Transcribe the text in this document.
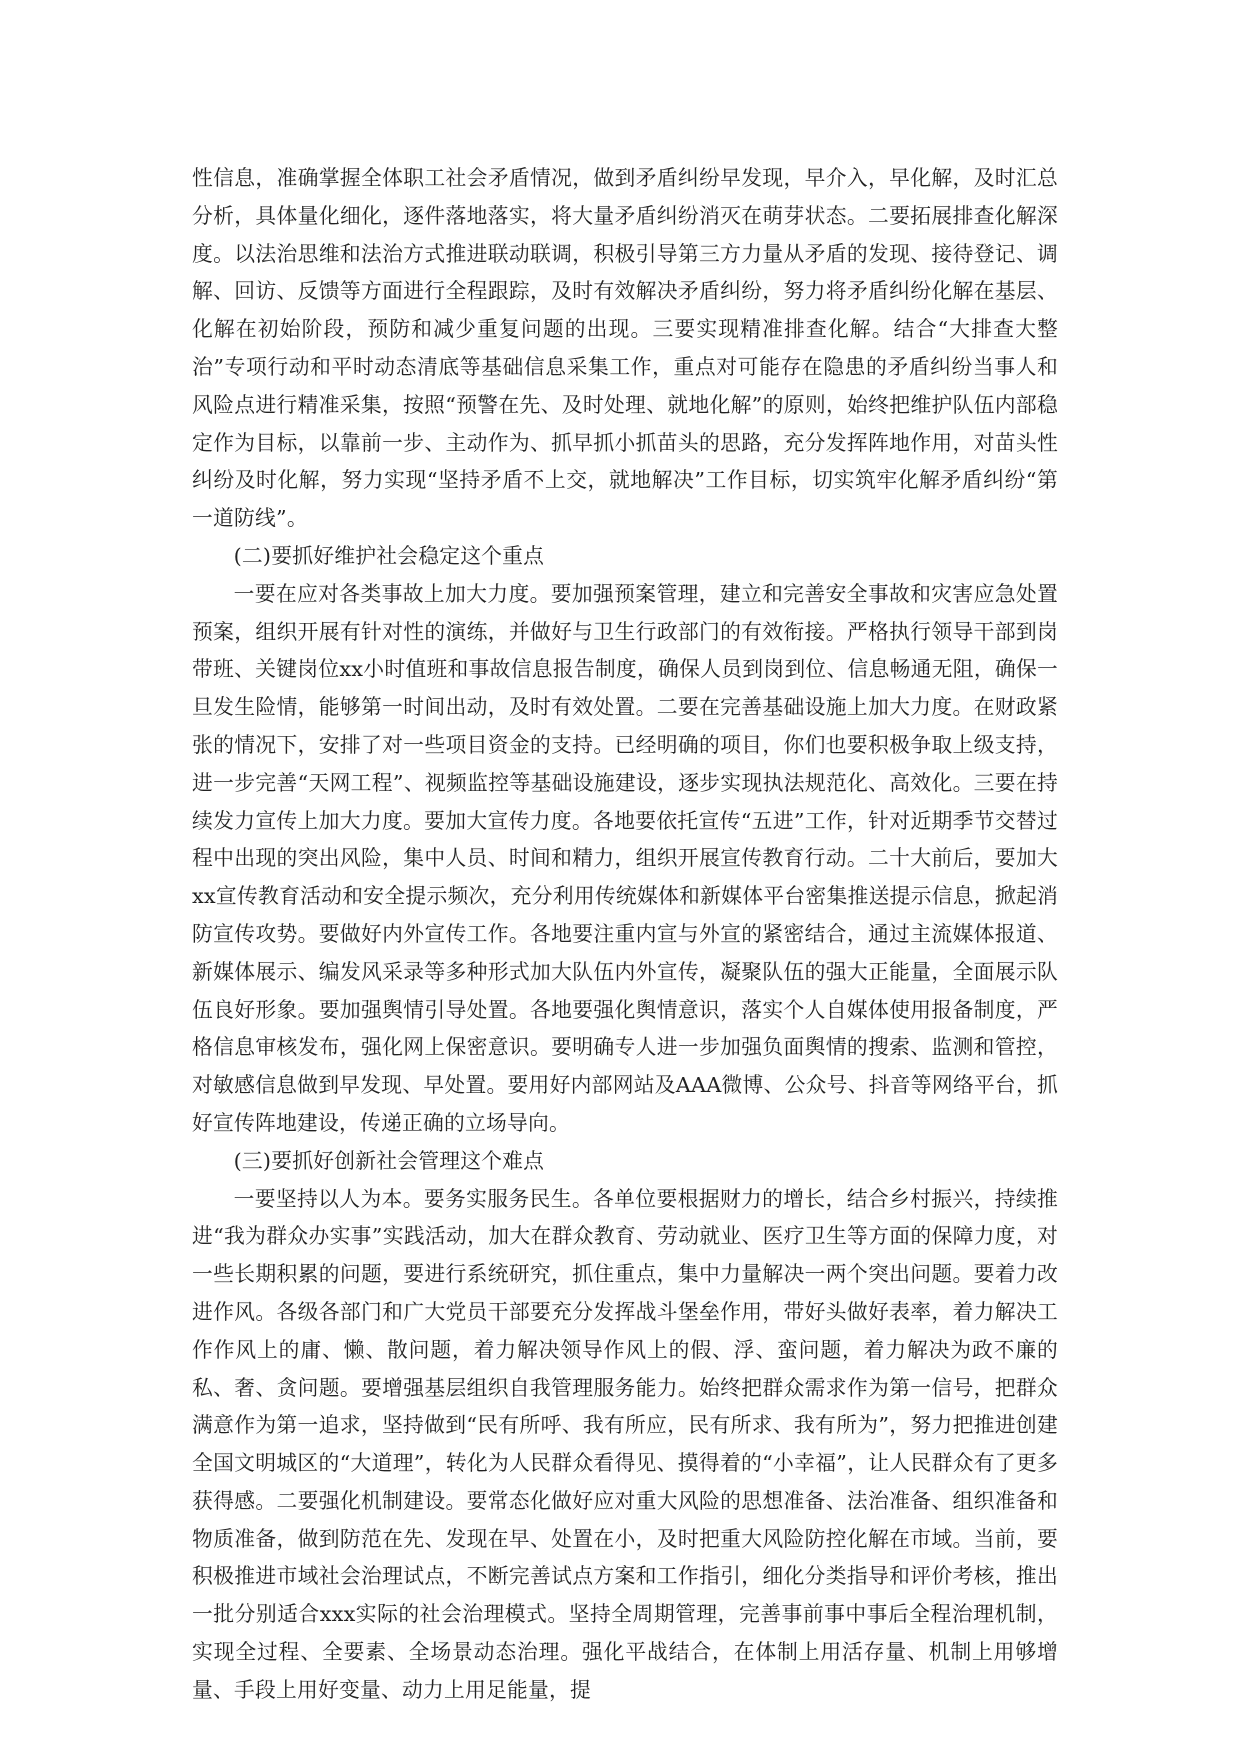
性信息，准确掌握全体职工社会矛盾情况，做到矛盾纠纷早发现，早介入，早化解，及时汇总分析，具体量化细化，逐件落地落实，将大量矛盾纠纷消灭在萌芽状态。二要拓展排查化解深度。以法治思维和法治方式推进联动联调，积极引导第三方力量从矛盾的发现、接待登记、调解、回访、反馈等方面进行全程跟踪，及时有效解决矛盾纠纷，努力将矛盾纠纷化解在基层、化解在初始阶段，预防和减少重复问题的出现。三要实现精准排查化解。结合“大排查大整治”专项行动和平时动态清底等基础信息采集工作，重点对可能存在隐患的矛盾纠纷当事人和风险点进行精准采集，按照“预警在先、及时处理、就地化解”的原则，始终把维护队伍内部稳定作为目标，以靠前一步、主动作为、抓早抓小抓苗头的思路，充分发挥阵地作用，对苗头性纠纷及时化解，努力实现“坚持矛盾不上交，就地解决”工作目标，切实筑牢化解矛盾纠纷“第一道防线”。

(二)要抓好维护社会稳定这个重点

一要在应对各类事故上加大力度。要加强预案管理，建立和完善安全事故和灾害应急处置预案，组织开展有针对性的演练，并做好与卫生行政部门的有效衔接。严格执行领导干部到岗带班、关键岗位xx小时值班和事故信息报告制度，确保人员到岗到位、信息畅通无阻，确保一旦发生险情，能够第一时间出动，及时有效处置。二要在完善基础设施上加大力度。在财政紧张的情况下，安排了对一些项目资金的支持。已经明确的项目，你们也要积极争取上级支持，进一步完善“天网工程”、视频监控等基础设施建设，逐步实现执法规范化、高效化。三要在持续发力宣传上加大力度。要加大宣传力度。各地要依托宣传“五进”工作，针对近期季节交替过程中出现的突出风险，集中人员、时间和精力，组织开展宣传教育行动。二十大前后，要加大xx宣传教育活动和安全提示频次，充分利用传统媒体和新媒体平台密集推送提示信息，掀起消防宣传攻势。要做好内外宣传工作。各地要注重内宣与外宣的紧密结合，通过主流媒体报道、新媒体展示、编发风采录等多种形式加大队伍内外宣传，凝聚队伍的强大正能量，全面展示队伍良好形象。要加强舆情引导处置。各地要强化舆情意识，落实个人自媒体使用报备制度，严格信息审核发布，强化网上保密意识。要明确专人进一步加强负面舆情的搜索、监测和管控，对敏感信息做到早发现、早处置。要用好内部网站及AAA微博、公众号、抖音等网络平台，抓好宣传阵地建设，传递正确的立场导向。

(三)要抓好创新社会管理这个难点

一要坚持以人为本。要务实服务民生。各单位要根据财力的增长，结合乡村振兴，持续推进“我为群众办实事”实践活动，加大在群众教育、劳动就业、医疗卫生等方面的保障力度，对一些长期积累的问题，要进行系统研究，抓住重点，集中力量解决一两个突出问题。要着力改进作风。各级各部门和广大党员干部要充分发挥战斗堡垒作用，带好头做好表率，着力解决工作作风上的庸、懒、散问题，着力解决领导作风上的假、浮、蛮问题，着力解决为政不廉的私、奢、贪问题。要增强基层组织自我管理服务能力。始终把群众需求作为第一信号，把群众满意作为第一追求，坚持做到“民有所呼、我有所应，民有所求、我有所为”，努力把推进创建全国文明城区的“大道理”，转化为人民群众看得见、摸得着的“小幸福”，让人民群众有了更多获得感。二要强化机制建设。要常态化做好应对重大风险的思想准备、法治准备、组织准备和物质准备，做到防范在先、发现在早、处置在小，及时把重大风险防控化解在市域。当前，要积极推进市域社会治理试点，不断完善试点方案和工作指引，细化分类指导和评价考核，推出一批分别适合xxx实际的社会治理模式。坚持全周期管理，完善事前事中事后全程治理机制，实现全过程、全要素、全场景动态治理。强化平战结合，在体制上用活存量、机制上用够增量、手段上用好变量、动力上用足能量，提
